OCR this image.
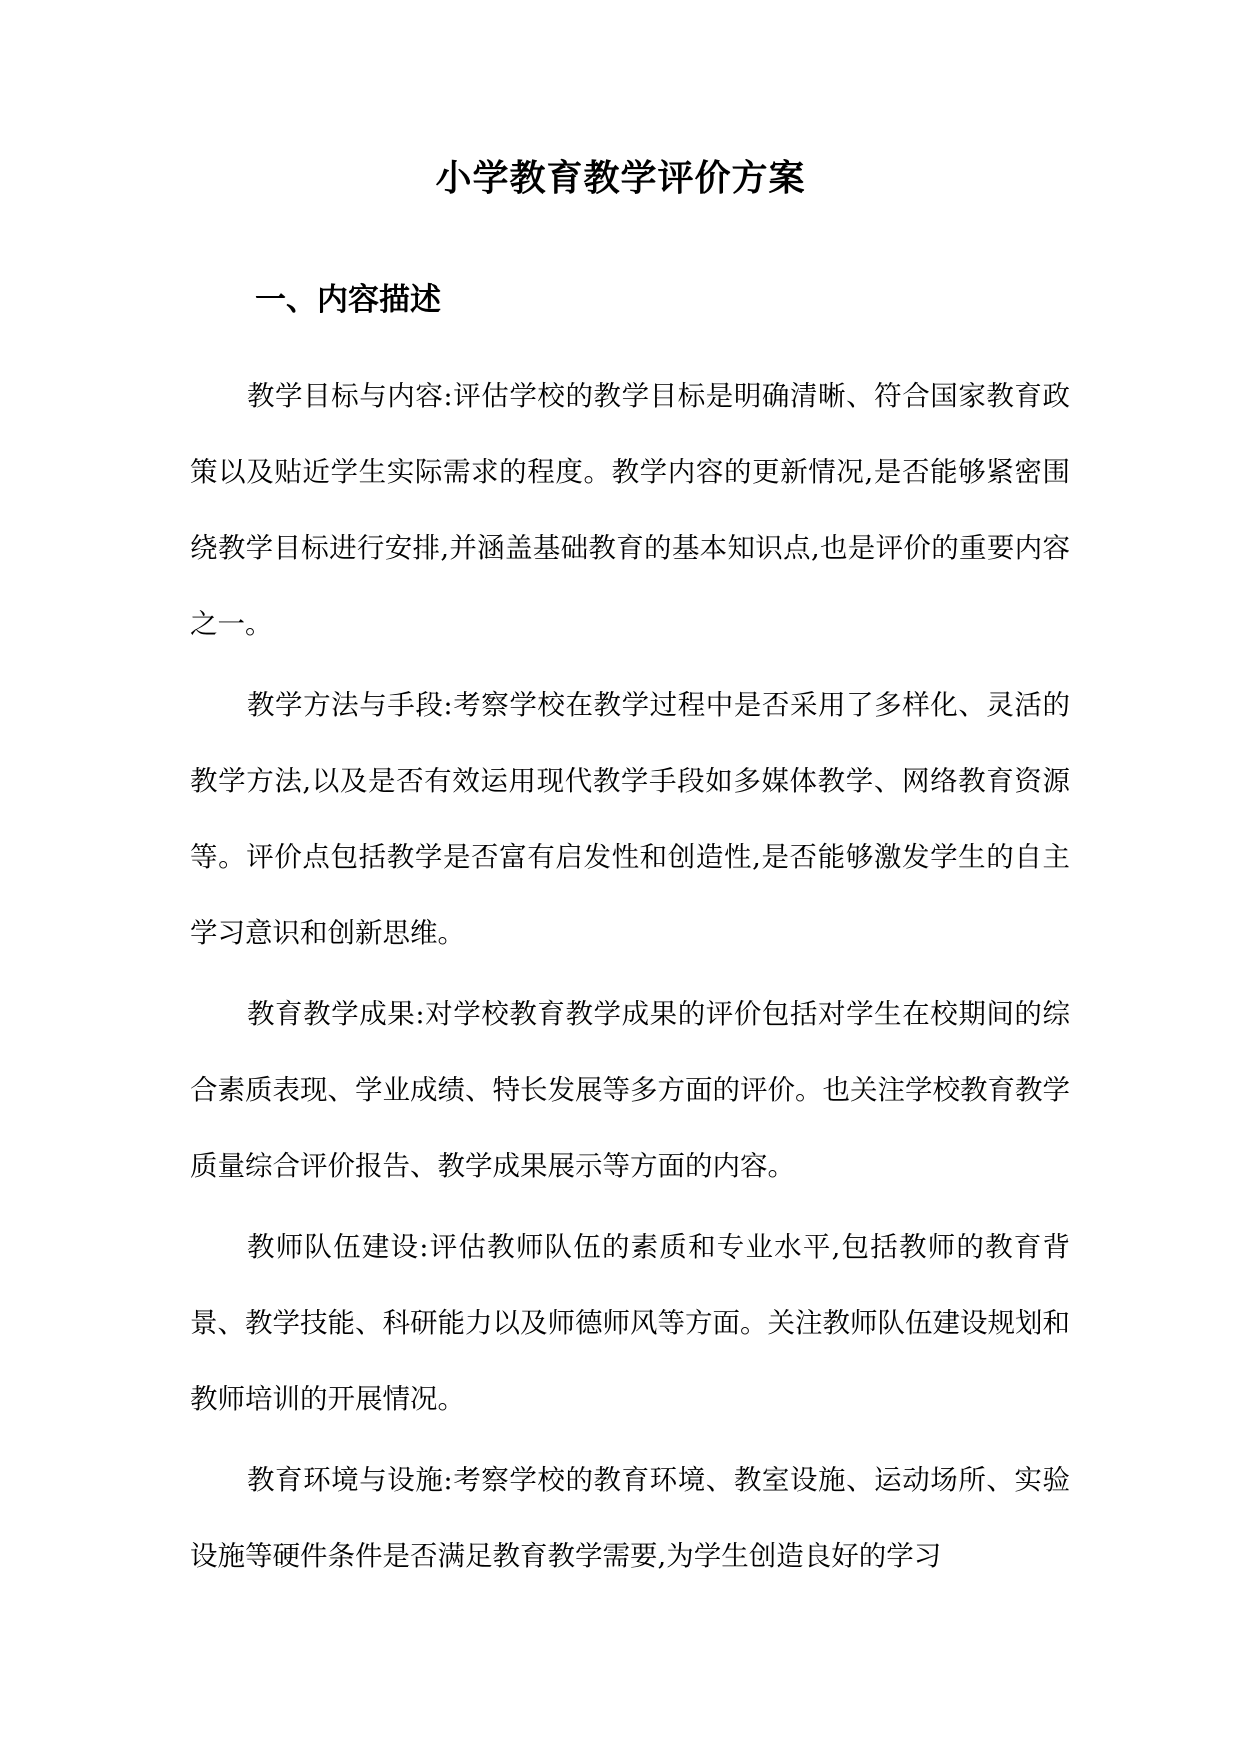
小学教育教学评价方案
一、内容描述

教学目标与内容:评估学校的教学目标是明确清晰、符合国家教育政策以及贴近学生实际需求的程度。教学内容的更新情况,是否能够紧密围绕教学目标进行安排,并涵盖基础教育的基本知识点,也是评价的重要内容之一。

教学方法与手段:考察学校在教学过程中是否采用了多样化、灵活的教学方法,以及是否有效运用现代教学手段如多媒体教学、网络教育资源等。评价点包括教学是否富有启发性和创造性,是否能够激发学生的自主学习意识和创新思维。

教育教学成果:对学校教育教学成果的评价包括对学生在校期间的综合素质表现、学业成绩、特长发展等多方面的评价。也关注学校教育教学质量综合评价报告、教学成果展示等方面的内容。

教师队伍建设:评估教师队伍的素质和专业水平,包括教师的教育背景、教学技能、科研能力以及师德师风等方面。关注教师队伍建设规划和教师培训的开展情况。

教育环境与设施:考察学校的教育环境、教室设施、运动场所、实验设施等硬件条件是否满足教育教学需要,为学生创造良好的学习
